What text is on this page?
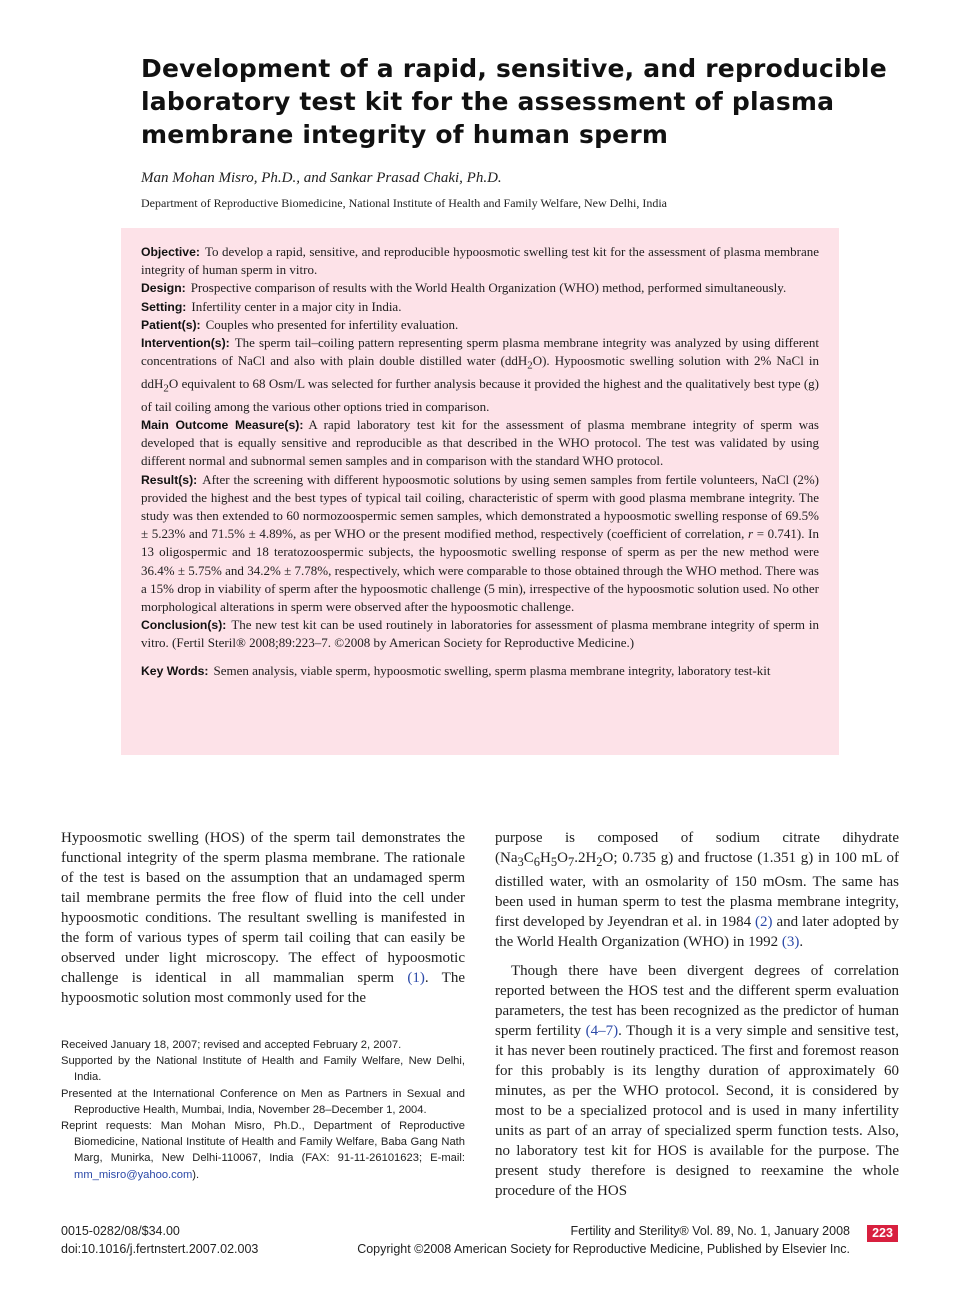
Development of a rapid, sensitive, and reproducible
laboratory test kit for the assessment of plasma
membrane integrity of human sperm
Man Mohan Misro, Ph.D., and Sankar Prasad Chaki, Ph.D.
Department of Reproductive Biomedicine, National Institute of Health and Family Welfare, New Delhi, India

Objective: To develop a rapid, sensitive, and reproducible hypoosmotic swelling test kit for the assessment of plasma membrane integrity of human sperm in vitro.

Design: Prospective comparison of results with the World Health Organization (WHO) method, performed simultaneously.

Setting: Infertility center in a major city in India.

Patient(s): Couples who presented for infertility evaluation.

Intervention(s): The sperm tail–coiling pattern representing sperm plasma membrane integrity was analyzed by using different concentrations of NaCl and also with plain double distilled water (ddH$_2$O). Hypoosmotic swelling solution with 2% NaCl in ddH$_2$O equivalent to 68 Osm/L was selected for further analysis because it provided the highest and the qualitatively best type (g) of tail coiling among the various other options tried in comparison.

Main Outcome Measure(s): A rapid laboratory test kit for the assessment of plasma membrane integrity of sperm was developed that is equally sensitive and reproducible as that described in the WHO protocol. The test was validated by using different normal and subnormal semen samples and in comparison with the standard WHO protocol.

Result(s): After the screening with different hypoosmotic solutions by using semen samples from fertile volunteers, NaCl (2%) provided the highest and the best types of typical tail coiling, characteristic of sperm with good plasma membrane integrity. The study was then extended to 60 normozoospermic semen samples, which demonstrated a hypoosmotic swelling response of 69.5% ± 5.23% and 71.5% ± 4.89%, as per WHO or the present modified method, respectively (coefficient of correlation, r = 0.741). In 13 oligospermic and 18 teratozoospermic subjects, the hypoosmotic swelling response of sperm as per the new method were 36.4% ± 5.75% and 34.2% ± 7.78%, respectively, which were comparable to those obtained through the WHO method. There was a 15% drop in viability of sperm after the hypoosmotic challenge (5 min), irrespective of the hypoosmotic solution used. No other morphological alterations in sperm were observed after the hypoosmotic challenge.

Conclusion(s): The new test kit can be used routinely in laboratories for assessment of plasma membrane integrity of sperm in vitro. (Fertil Steril® 2008;89:223–7. ©2008 by American Society for Reproductive Medicine.)

Key Words: Semen analysis, viable sperm, hypoosmotic swelling, sperm plasma membrane integrity, laboratory test-kit

Hypoosmotic swelling (HOS) of the sperm tail demonstrates the functional integrity of the sperm plasma membrane. The rationale of the test is based on the assumption that an undamaged sperm tail membrane permits the free flow of fluid into the cell under hypoosmotic conditions. The resultant swelling is manifested in the form of various types of sperm tail coiling that can easily be observed under light microscopy. The effect of hypoosmotic challenge is identical in all mammalian sperm (1). The hypoosmotic solution most commonly used for the

purpose is composed of sodium citrate dihydrate ($Na_3C_6H_5O_7.2H_2O$; 0.735 g) and fructose (1.351 g) in 100 mL of distilled water, with an osmolarity of 150 mOsm. The same has been used in human sperm to test the plasma membrane integrity, first developed by Jeyendran et al. in 1984 (2) and later adopted by the World Health Organization (WHO) in 1992 (3).

Though there have been divergent degrees of correlation reported between the HOS test and the different sperm evaluation parameters, the test has been recognized as the predictor of human sperm fertility (4–7). Though it is a very simple and sensitive test, it has never been routinely practiced. The first and foremost reason for this probably is its lengthy duration of approximately 60 minutes, as per the WHO protocol. Second, it is considered by most to be a specialized protocol and is used in many infertility units as part of an array of specialized sperm function tests. Also, no laboratory test kit for HOS is available for the purpose. The present study therefore is designed to reexamine the whole procedure of the HOS

Received January 18, 2007; revised and accepted February 2, 2007.

Supported by the National Institute of Health and Family Welfare, New Delhi, India.

Presented at the International Conference on Men as Partners in Sexual and Reproductive Health, Mumbai, India, November 28–December 1, 2004.

Reprint requests: Man Mohan Misro, Ph.D., Department of Reproductive Biomedicine, National Institute of Health and Family Welfare, Baba Gang Nath Marg, Munirka, New Delhi-110067, India (FAX: 91-11-26101623; E-mail: mm_misro@yahoo.com).

0015-0282/08/$34.00
doi:10.1016/j.fertnstert.2007.02.003
Fertility and Sterility® Vol. 89, No. 1, January 2008
Copyright ©2008 American Society for Reproductive Medicine, Published by Elsevier Inc.
223
